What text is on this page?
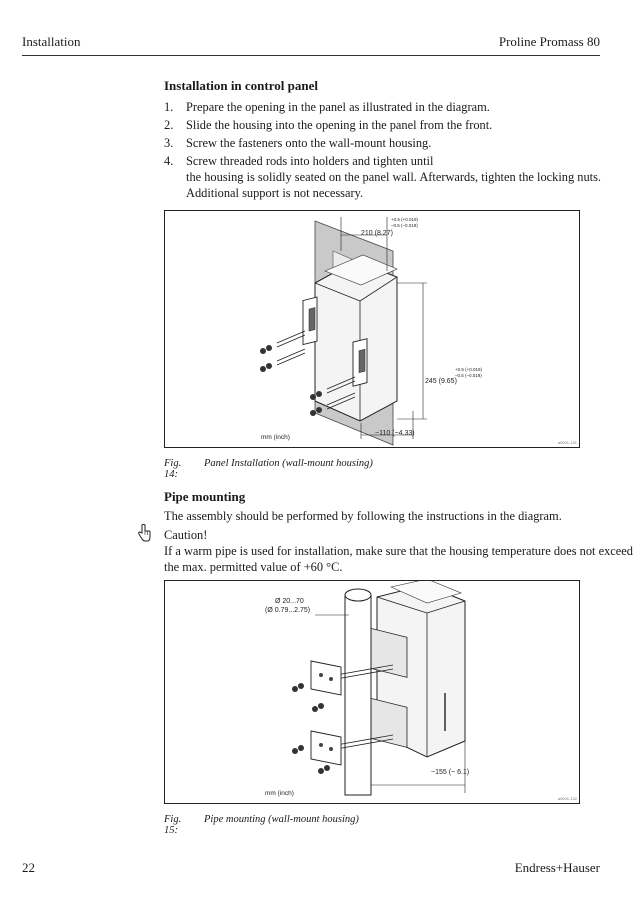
Installation	Proline Promass 80
Installation in control panel
1. Prepare the opening in the panel as illustrated in the diagram.
2. Slide the housing into the opening in the panel from the front.
3. Screw the fasteners onto the wall-mount housing.
4. Screw threaded rods into holders and tighten until
the housing is solidly seated on the panel wall. Afterwards, tighten the locking nuts.
Additional support is not necessary.
210 (8.27)
+0.5 (+0.019)
–0.5 (–0.019)
245 (9.65)
+0.5 (+0.019)
–0.5 (–0.019)
~110 (~4.33)
mm (inch)
a0001-131
Fig. 14:
Panel Installation (wall-mount housing)
Pipe mounting
The assembly should be performed by following the instructions in the diagram.
Caution!
If a warm pipe is used for installation, make sure that the housing temperature does not exceed
the max. permitted value of +60 °C.
Ø 20...70
(Ø 0.79...2.75)
~155 (~ 6.1)
mm (inch)
a0001-132
Fig. 15:
Pipe mounting (wall-mount housing)
22	Endress+Hauser
